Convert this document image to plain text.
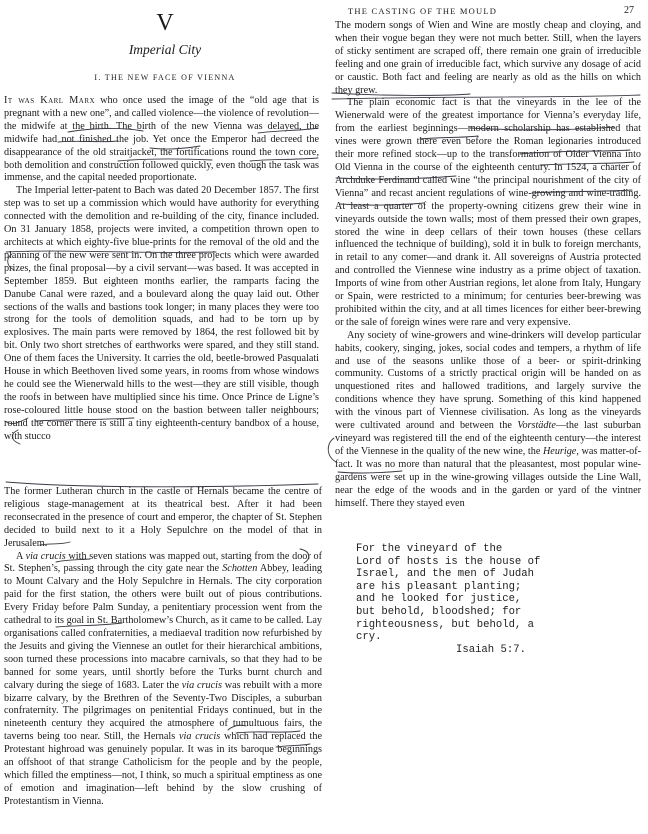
THE CASTING OF THE MOULD	27
V
Imperial City
I. THE NEW FACE OF VIENNA

It was Karl Marx who once used the image of the “old age that is pregnant with a new one”, and called violence—the violence of revolution—the midwife at the birth. The birth of the new Vienna was delayed, the midwife had not finished the job. Yet once the Emperor had decreed the disappearance of the old straitjacket, the fortifications round the town core, both demolition and construction followed quickly, even though the task was immense, and the capital needed proportionate.

The Imperial letter-patent to Bach was dated 20 December 1857. The first step was to set up a commission which would have authority for everything connected with the demolition and re-building of the city, finance included. On 31 January 1858, projects were invited, a competition thrown open to architects at which eighty-five blue-prints for the removal of the old and the planning of the new were sent in. On the three projects which were awarded prizes, the final proposal—by a civil servant—was based. It was accepted in September 1859. But eighteen months earlier, the ramparts facing the Danube Canal were razed, and a boulevard along the quay laid out. Other sections of the walls and bastions took longer; in many places they were too strong for the tools of demolition squads, and had to be torn up by explosives. The main parts were removed by 1864, the rest followed bit by bit. Only two short stretches of earthworks were spared, and they still stand. One of them faces the University. It carries the old, beetle-browed Pasqualati House in which Beethoven lived some years, in rooms from whose windows he could see the Wienerwald hills to the west—they are still visible, though the roofs in between have multiplied since his time. Once Prince de Ligne’s rose-coloured little house stood on the bastion between taller neighbours; round the corner there is still a tiny eighteenth-century bandbox of a house, with stucco

The former Lutheran church in the castle of Hernals became the centre of religious stage-management at its theatrical best. After it had been reconsecrated in the presence of court and emperor, the chapter of St. Stephen decided to build next to it a Holy Sepulchre on the model of that in Jerusalem.

A via crucis with seven stations was mapped out, starting from the door of St. Stephen’s, passing through the city gate near the Schotten Abbey, leading to Mount Calvary and the Holy Sepulchre in Hernals. The city corporation paid for the first station, the others were built out of pious contributions. Every Friday before Palm Sunday, a penitentiary procession went from the cathedral to its goal in St. Bartholomew’s Church, as it came to be called. Lay organisations called confraternities, a mediaeval tradition now refurbished by the Jesuits and giving the Viennese an outlet for their hierarchical ambitions, soon turned these processions into macabre carnivals, so that they had to be banned for some years, until shortly before the Turks burnt church and calvary during the siege of 1683. Later the via crucis was rebuilt with a more bizarre calvary, by the Brethren of the Seventy-Two Disciples, a suburban confraternity. The pilgrimages on penitential Fridays continued, but in the nineteenth century they acquired the atmosphere of tumultuous fairs, the taverns being too near. Still, the Hernals via crucis which had replaced the Protestant highroad was genuinely popular. It was in its baroque beginnings an offshoot of that strange Catholicism for the people and by the people, which filled the emptiness—not, I think, so much a spiritual emptiness as one of emotion and imagination—left behind by the slow crushing of Protestantism in Vienna.

The modern songs of Wien and Wine are mostly cheap and cloying, and when their vogue began they were not much better. Still, when the layers of sticky sentiment are scraped off, there remain one grain of irreducible feeling and one grain of irreducible fact, which survive any dosage of acid or caustic. Both fact and feeling are nearly as old as the hills on which they grew.

The plain economic fact is that the vineyards in the lee of the Wienerwald were of the greatest importance for Vienna’s everyday life, from the earliest beginnings—modern scholarship has established that vines were grown there even before the Roman legionaries introduced their more refined stock—up to the transformation of Older Vienna into Old Vienna in the course of the eighteenth century. In 1524, a charter of Archduke Ferdinand called wine “the principal nourishment of the city of Vienna” and recast ancient regulations of wine-growing and wine-trading. At least a quarter of the property-owning citizens grew their wine in vineyards outside the town walls; most of them pressed their own grapes, stored the wine in deep cellars of their town houses (these cellars influenced the technique of building), sold it in bulk to foreign merchants, in retail to any comer—and drank it. All sovereigns of Austria protected and controlled the Viennese wine industry as a prime object of taxation. Imports of wine from other Austrian regions, let alone from Italy, Hungary or Spain, were restricted to a minimum; for centuries beer-brewing was prohibited within the city, and at all times licences for either beer-brewing or the sale of foreign wines were rare and very expensive.

Any society of wine-growers and wine-drinkers will develop particular habits, cookery, singing, jokes, social codes and tempers, a rhythm of life and use of the seasons unlike those of a beer- or spirit-drinking community. Customs of a strictly practical origin will be handed on as unquestioned rites and hallowed traditions, and largely survive the conditions whence they have sprung. Something of this kind happened with the vinous part of Viennese civilisation. As long as the vineyards were cultivated around and between the Vorstädte—the last suburban vineyard was registered till the end of the eighteenth century—the interest of the Viennese in the quality of the new wine, the Heurige, was matter-of-fact. It was no more than natural that the pleasantest, most popular wine-gardens were set up in the wine-growing villages outside the Line Wall, near the edge of the woods and in the garden or yard of the vintner himself. There they stayed even

For the vineyard of the
Lord of hosts is the house of
Israel, and the men of Judah
are his pleasant planting;
and he looked for justice,
but behold, bloodshed; for
righteousness, but behold, a
cry.
Isaiah 5:7.
